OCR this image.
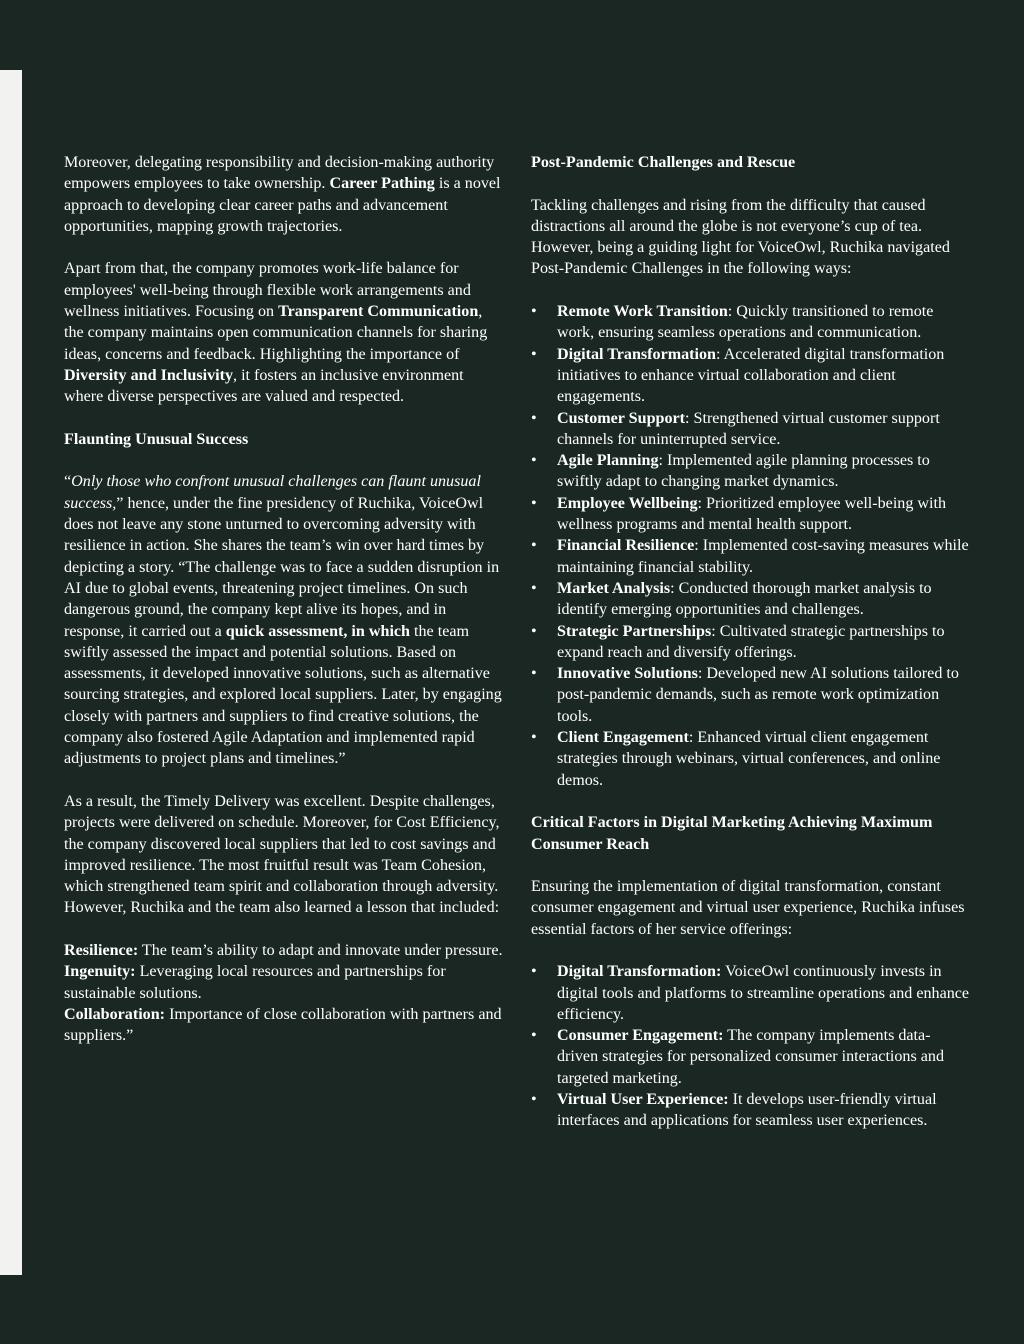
Moreover, delegating responsibility and decision-making authority empowers employees to take ownership. Career Pathing is a novel approach to developing clear career paths and advancement opportunities, mapping growth trajectories.

Apart from that, the company promotes work-life balance for employees' well-being through flexible work arrangements and wellness initiatives. Focusing on Transparent Communication, the company maintains open communication channels for sharing ideas, concerns and feedback. Highlighting the importance of Diversity and Inclusivity, it fosters an inclusive environment where diverse perspectives are valued and respected.

Flaunting Unusual Success

“Only those who confront unusual challenges can flaunt unusual success,” hence, under the fine presidency of Ruchika, VoiceOwl does not leave any stone unturned to overcoming adversity with resilience in action. She shares the team’s win over hard times by depicting a story. “The challenge was to face a sudden disruption in AI due to global events, threatening project timelines. On such dangerous ground, the company kept alive its hopes, and in response, it carried out a quick assessment, in which the team swiftly assessed the impact and potential solutions. Based on assessments, it developed innovative solutions, such as alternative sourcing strategies, and explored local suppliers. Later, by engaging closely with partners and suppliers to find creative solutions, the company also fostered Agile Adaptation and implemented rapid adjustments to project plans and timelines.”

As a result, the Timely Delivery was excellent. Despite challenges, projects were delivered on schedule. Moreover, for Cost Efficiency, the company discovered local suppliers that led to cost savings and improved resilience. The most fruitful result was Team Cohesion, which strengthened team spirit and collaboration through adversity. However, Ruchika and the team also learned a lesson that included:

Resilience: The team’s ability to adapt and innovate under pressure.

Ingenuity: Leveraging local resources and partnerships for sustainable solutions.

Collaboration: Importance of close collaboration with partners and suppliers.”

Post-Pandemic Challenges and Rescue

Tackling challenges and rising from the difficulty that caused distractions all around the globe is not everyone’s cup of tea. However, being a guiding light for VoiceOwl, Ruchika navigated Post-Pandemic Challenges in the following ways:

• Remote Work Transition: Quickly transitioned to remote work, ensuring seamless operations and communication.
• Digital Transformation: Accelerated digital transformation initiatives to enhance virtual collaboration and client engagements.
• Customer Support: Strengthened virtual customer support channels for uninterrupted service.
• Agile Planning: Implemented agile planning processes to swiftly adapt to changing market dynamics.
• Employee Wellbeing: Prioritized employee well-being with wellness programs and mental health support.
• Financial Resilience: Implemented cost-saving measures while maintaining financial stability.
• Market Analysis: Conducted thorough market analysis to identify emerging opportunities and challenges.
• Strategic Partnerships: Cultivated strategic partnerships to expand reach and diversify offerings.
• Innovative Solutions: Developed new AI solutions tailored to post-pandemic demands, such as remote work optimization tools.
• Client Engagement: Enhanced virtual client engagement strategies through webinars, virtual conferences, and online demos.
Critical Factors in Digital Marketing Achieving Maximum Consumer Reach

Ensuring the implementation of digital transformation, constant consumer engagement and virtual user experience, Ruchika infuses essential factors of her service offerings:

• Digital Transformation: VoiceOwl continuously invests in digital tools and platforms to streamline operations and enhance efficiency.
• Consumer Engagement: The company implements data-driven strategies for personalized consumer interactions and targeted marketing.
• Virtual User Experience: It develops user-friendly virtual interfaces and applications for seamless user experiences.
